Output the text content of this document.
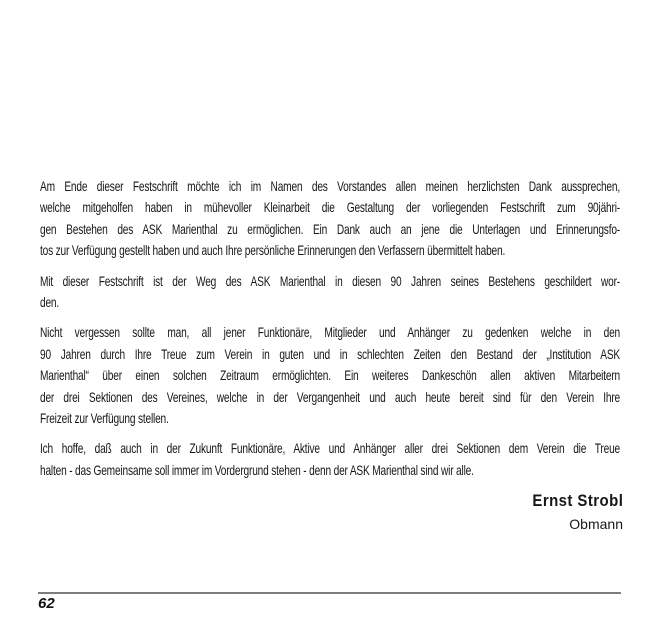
Am Ende dieser Festschrift möchte ich im Namen des Vorstandes allen meinen herzlichsten Dank aussprechen,
welche mitgeholfen haben in mühevoller Kleinarbeit die Gestaltung der vorliegenden Festschrift zum 90jähri-
gen Bestehen des ASK Marienthal zu ermöglichen. Ein Dank auch an jene die Unterlagen und Erinnerungsfo-
tos zur Verfügung gestellt haben und auch Ihre persönliche Erinnerungen den Verfassern übermittelt haben.
Mit dieser Festschrift ist der Weg des ASK Marienthal in diesen 90 Jahren seines Bestehens geschildert wor-
den.
Nicht vergessen sollte man, all jener Funktionäre, Mitglieder und Anhänger zu gedenken welche in den
90 Jahren durch Ihre Treue zum Verein in guten und in schlechten Zeiten den Bestand der „Institution ASK
Marienthal“ über einen solchen Zeitraum ermöglichten. Ein weiteres Dankeschön allen aktiven Mitarbeitern
der drei Sektionen des Vereines, welche in der Vergangenheit und auch heute bereit sind für den Verein Ihre
Freizeit zur Verfügung stellen.
Ich hoffe, daß auch in der Zukunft Funktionäre, Aktive und Anhänger aller drei Sektionen dem Verein die Treue
halten - das Gemeinsame soll immer im Vordergrund stehen - denn der ASK Marienthal sind wir alle.
Ernst Strobl
Obmann
62
